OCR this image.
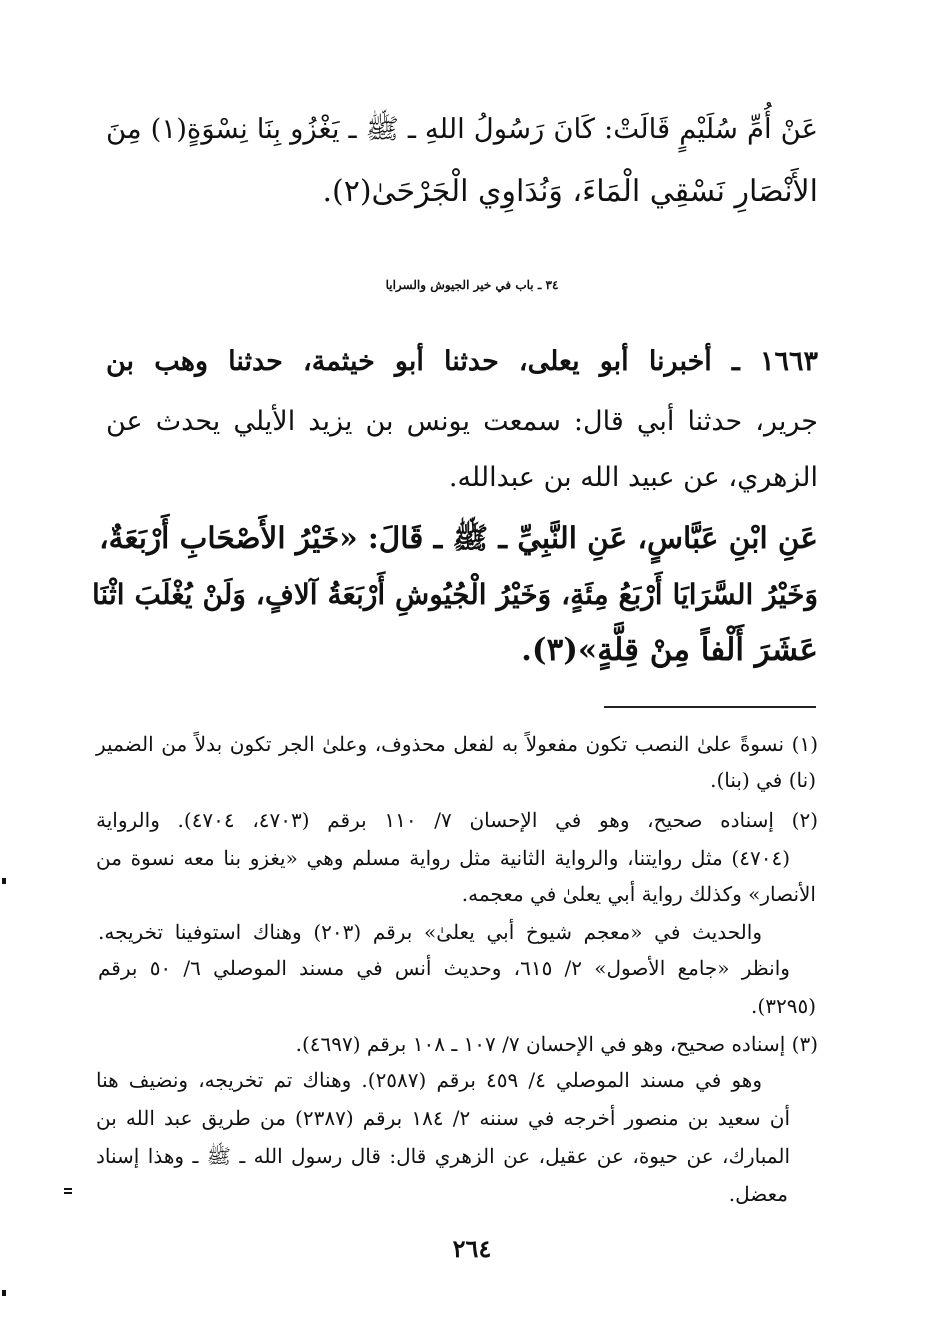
عَنْ أُمِّ سُلَيْمٍ قَالَتْ: كَانَ رَسُولُ اللهِ ـ ﷺ ـ يَغْزُو بِنَا نِسْوَةٍ(١) مِنَ
الأَنْصَارِ نَسْقِي الْمَاءَ، وَنُدَاوِي الْجَرْحَىٰ(٢).
٣٤ ـ باب في خير الجيوش والسرايا
١٦٦٣ ـ أخبرنا أبو يعلى، حدثنا أبو خيثمة، حدثنا وهب بن
جرير، حدثنا أبي قال: سمعت يونس بن يزيد الأيلي يحدث عن
الزهري، عن عبيد الله بن عبدالله.
عَنِ ابْنِ عَبَّاسٍ، عَنِ النَّبِيِّ ـ ﷺ ـ قَالَ: «خَيْرُ الأَصْحَابِ أَرْبَعَةٌ،
وَخَيْرُ السَّرَايَا أَرْبَعُ مِئَةٍ، وَخَيْرُ الْجُيُوشِ أَرْبَعَةُ آلافٍ، وَلَنْ يُغْلَبَ اثْنَا
عَشَرَ أَلْفاً مِنْ قِلَّةٍ»(٣).
(١) نسوةً علىٰ النصب تكون مفعولاً به لفعل محذوف، وعلىٰ الجر تكون بدلاً من الضمير
(نا) في (بنا).
(٢) إسناده صحيح، وهو في الإحسان ٧/ ١١٠ برقم (٤٧٠٣، ٤٧٠٤). والرواية
(٤٧٠٤) مثل روايتنا، والرواية الثانية مثل رواية مسلم وهي «يغزو بنا معه نسوة من
الأنصار» وكذلك رواية أبي يعلىٰ في معجمه.
والحديث في «معجم شيوخ أبي يعلىٰ» برقم (٢٠٣) وهناك استوفينا تخريجه.
وانظر «جامع الأصول» ٢/ ٦١٥، وحديث أنس في مسند الموصلي ٦/ ٥٠ برقم
(٣٢٩٥).
(٣) إسناده صحيح، وهو في الإحسان ٧/ ١٠٧ ـ ١٠٨ برقم (٤٦٩٧).
وهو في مسند الموصلي ٤/ ٤٥٩ برقم (٢٥٨٧). وهناك تم تخريجه، ونضيف هنا
أن سعيد بن منصور أخرجه في سننه ٢/ ١٨٤ برقم (٢٣٨٧) من طريق عبد الله بن
المبارك، عن حيوة، عن عقيل، عن الزهري قال: قال رسول الله ـ ﷺ ـ وهذا إسناد
معضل.
٢٦٤
